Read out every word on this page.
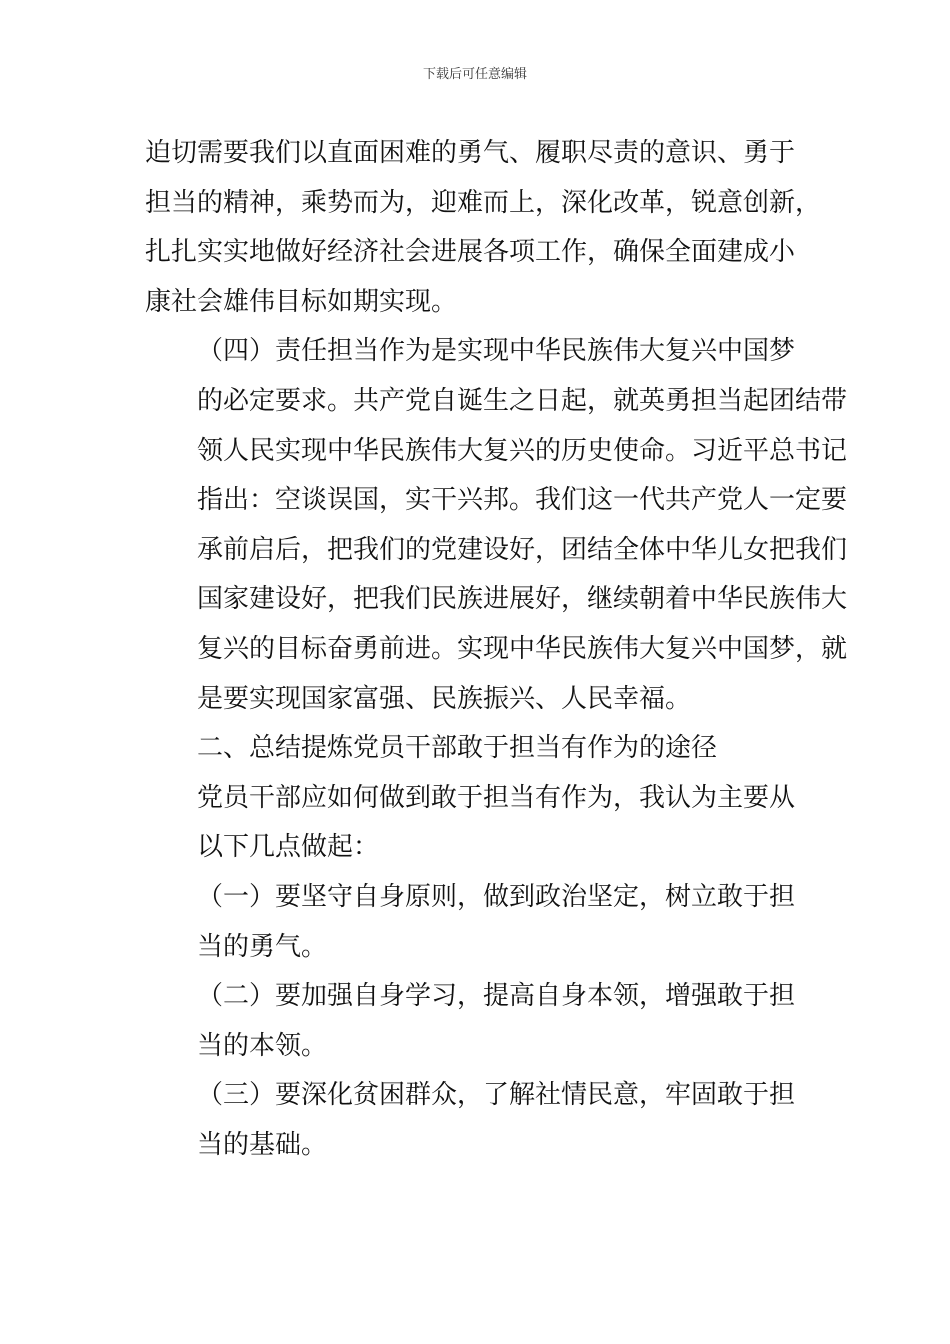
下载后可任意编辑

迫切需要我们以直面困难的勇气、履职尽责的意识、勇于
担当的精神，乘势而为，迎难而上，深化改革，锐意创新，
扎扎实实地做好经济社会进展各项工作，确保全面建成小
康社会雄伟目标如期实现。

（四）责任担当作为是实现中华民族伟大复兴中国梦
的必定要求。共产党自诞生之日起，就英勇担当起团结带
领人民实现中华民族伟大复兴的历史使命。习近平总书记
指出：空谈误国，实干兴邦。我们这一代共产党人一定要
承前启后，把我们的党建设好，团结全体中华儿女把我们
国家建设好，把我们民族进展好，继续朝着中华民族伟大
复兴的目标奋勇前进。实现中华民族伟大复兴中国梦，就
是要实现国家富强、民族振兴、人民幸福。

二、总结提炼党员干部敢于担当有作为的途径

党员干部应如何做到敢于担当有作为，我认为主要从
以下几点做起：

（一）要坚守自身原则，做到政治坚定，树立敢于担
当的勇气。

（二）要加强自身学习，提高自身本领，增强敢于担
当的本领。

（三）要深化贫困群众，了解社情民意，牢固敢于担
当的基础。
